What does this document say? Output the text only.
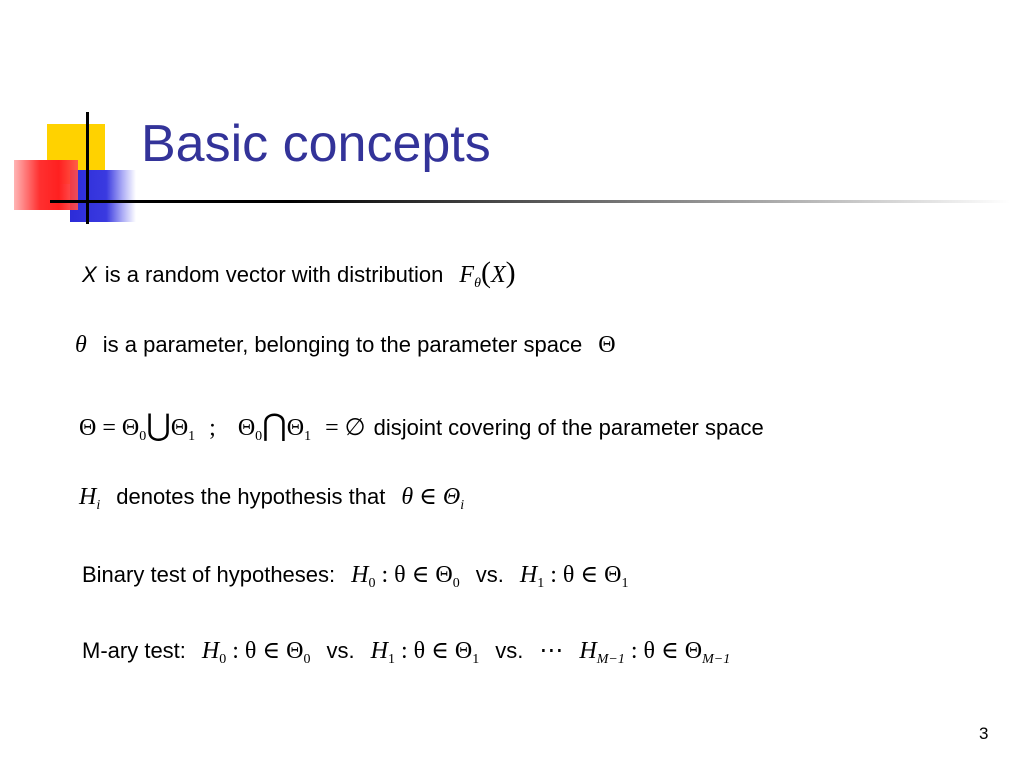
Basic concepts
X is a random vector with distribution $F_\theta(X)$
θ is a parameter, belonging to the parameter space Θ
$\Theta = \Theta_0⋃\Theta_1$ ; $\Theta_0⋂\Theta_1$ = ∅ disjoint covering of the parameter space
$H_i$ denotes the hypothesis that θ ∈ $\Theta_i$
Binary test of hypotheses: $H_0$ : θ ∈ $\Theta_0$ vs. $H_1$ : θ ∈ $\Theta_1$
M-ary test: $H_0$ : θ ∈ $\Theta_0$ vs. $H_1$ : θ ∈ $\Theta_1$ vs. ⋯ $H_{M-1}$ : θ ∈ $\Theta_{M-1}$
3
